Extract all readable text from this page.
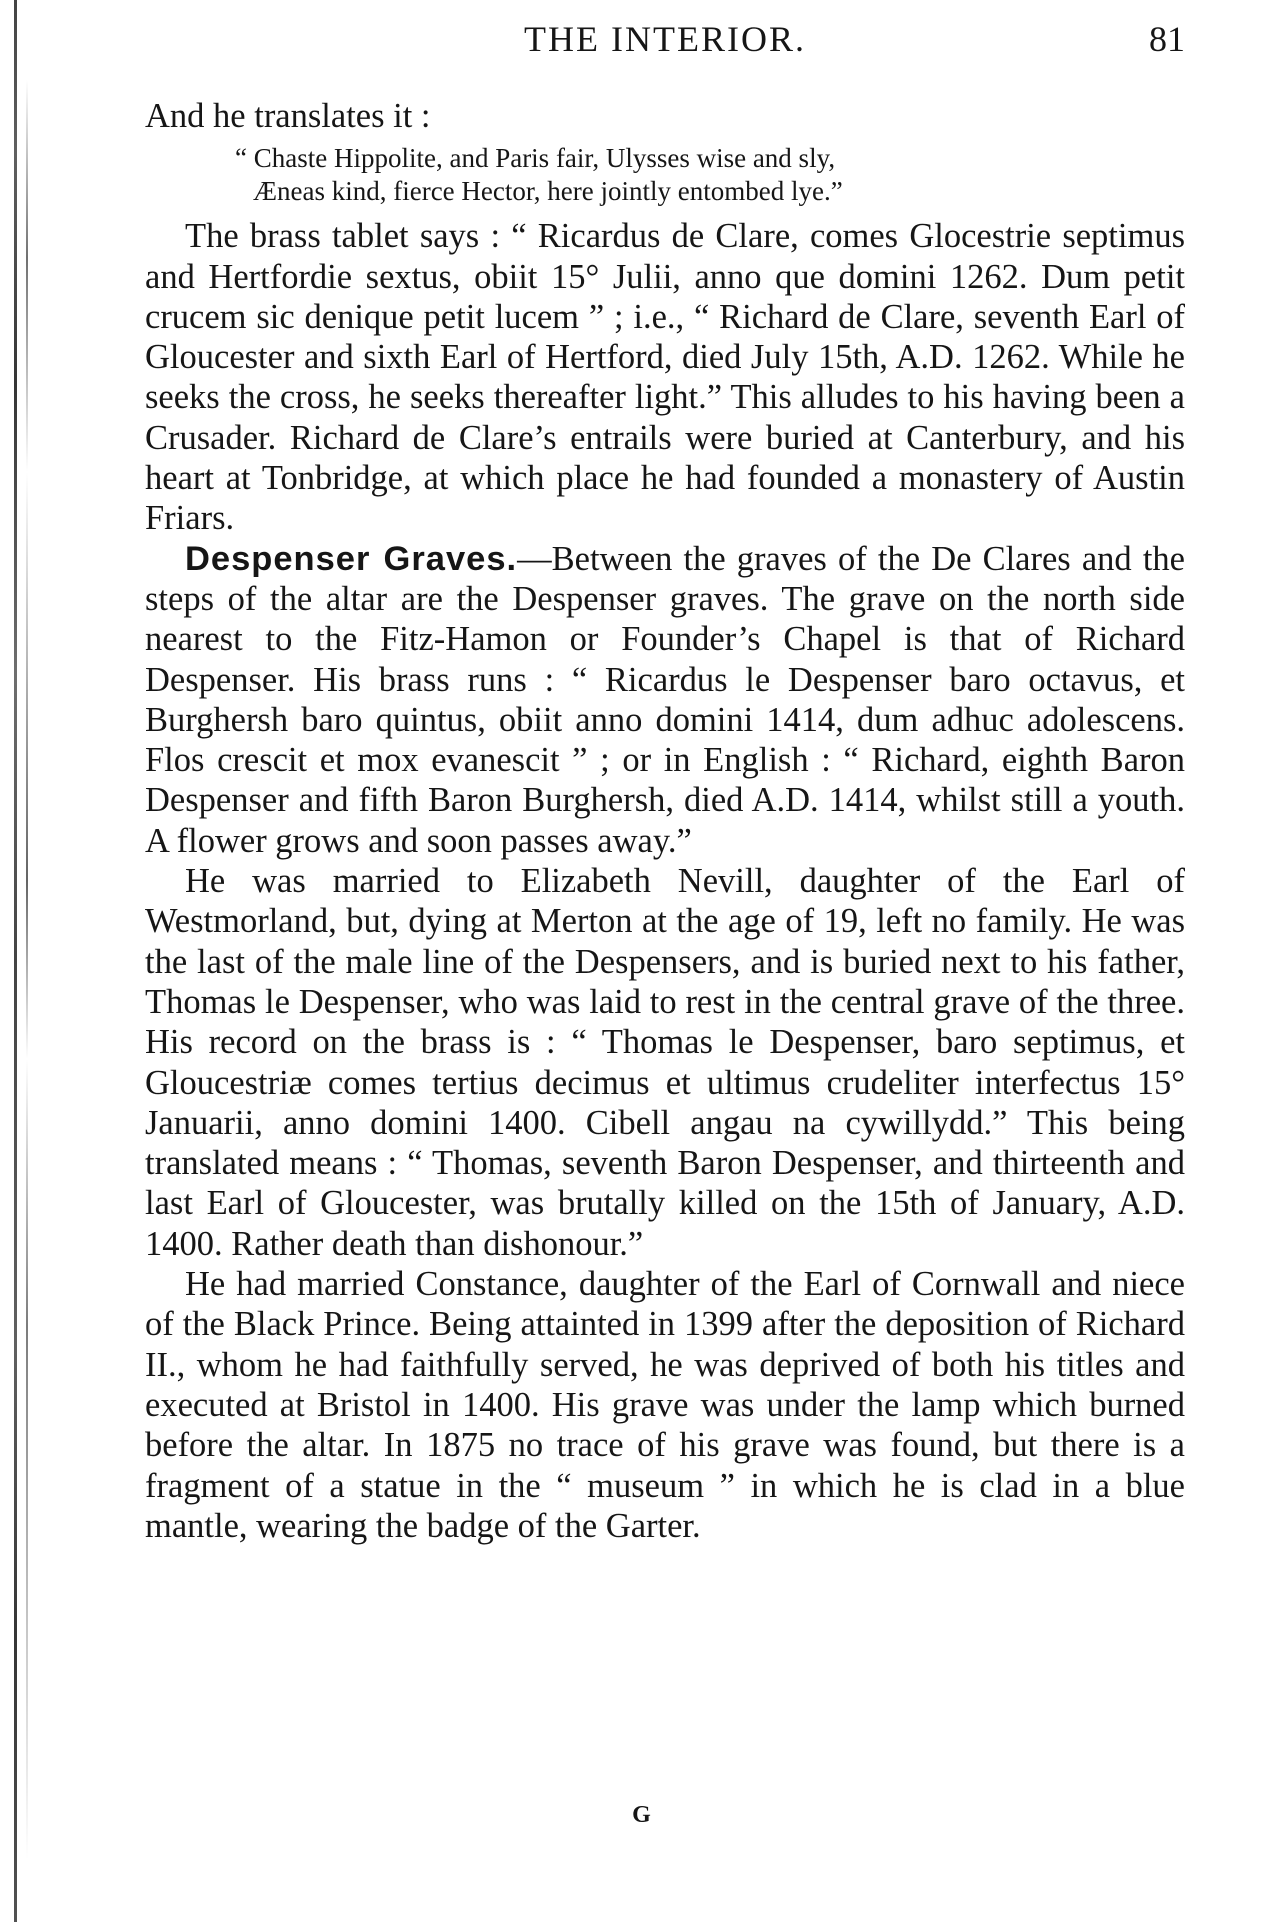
THE INTERIOR.	81

And he translates it :

“ Chaste Hippolite, and Paris fair, Ulysses wise and sly,
Æneas kind, fierce Hector, here jointly entombed lye.”

The brass tablet says : “ Ricardus de Clare, comes Glocestrie septimus and Hertfordie sextus, obiit 15° Julii, anno que domini 1262. Dum petit crucem sic denique petit lucem ” ; i.e., “ Richard de Clare, seventh Earl of Gloucester and sixth Earl of Hertford, died July 15th, A.D. 1262. While he seeks the cross, he seeks thereafter light.” This alludes to his having been a Crusader. Richard de Clare’s entrails were buried at Canterbury, and his heart at Tonbridge, at which place he had founded a monastery of Austin Friars.

Despenser Graves.—Between the graves of the De Clares and the steps of the altar are the Despenser graves. The grave on the north side nearest to the Fitz-Hamon or Founder’s Chapel is that of Richard Despenser. His brass runs : “ Ricardus le Despenser baro octavus, et Burghersh baro quintus, obiit anno domini 1414, dum adhuc adolescens. Flos crescit et mox evanescit ” ; or in English : “ Richard, eighth Baron Despenser and fifth Baron Burghersh, died A.D. 1414, whilst still a youth. A flower grows and soon passes away.”

He was married to Elizabeth Nevill, daughter of the Earl of Westmorland, but, dying at Merton at the age of 19, left no family. He was the last of the male line of the Despensers, and is buried next to his father, Thomas le Despenser, who was laid to rest in the central grave of the three. His record on the brass is : “ Thomas le Despenser, baro septimus, et Gloucestriæ comes tertius decimus et ultimus crudeliter interfectus 15° Januarii, anno domini 1400. Cibell angau na cywillydd.” This being translated means : “ Thomas, seventh Baron Despenser, and thirteenth and last Earl of Gloucester, was brutally killed on the 15th of January, A.D. 1400. Rather death than dishonour.”

He had married Constance, daughter of the Earl of Cornwall and niece of the Black Prince. Being attainted in 1399 after the deposition of Richard II., whom he had faithfully served, he was deprived of both his titles and executed at Bristol in 1400. His grave was under the lamp which burned before the altar. In 1875 no trace of his grave was found, but there is a fragment of a statue in the “ museum ” in which he is clad in a blue mantle, wearing the badge of the Garter.

G
